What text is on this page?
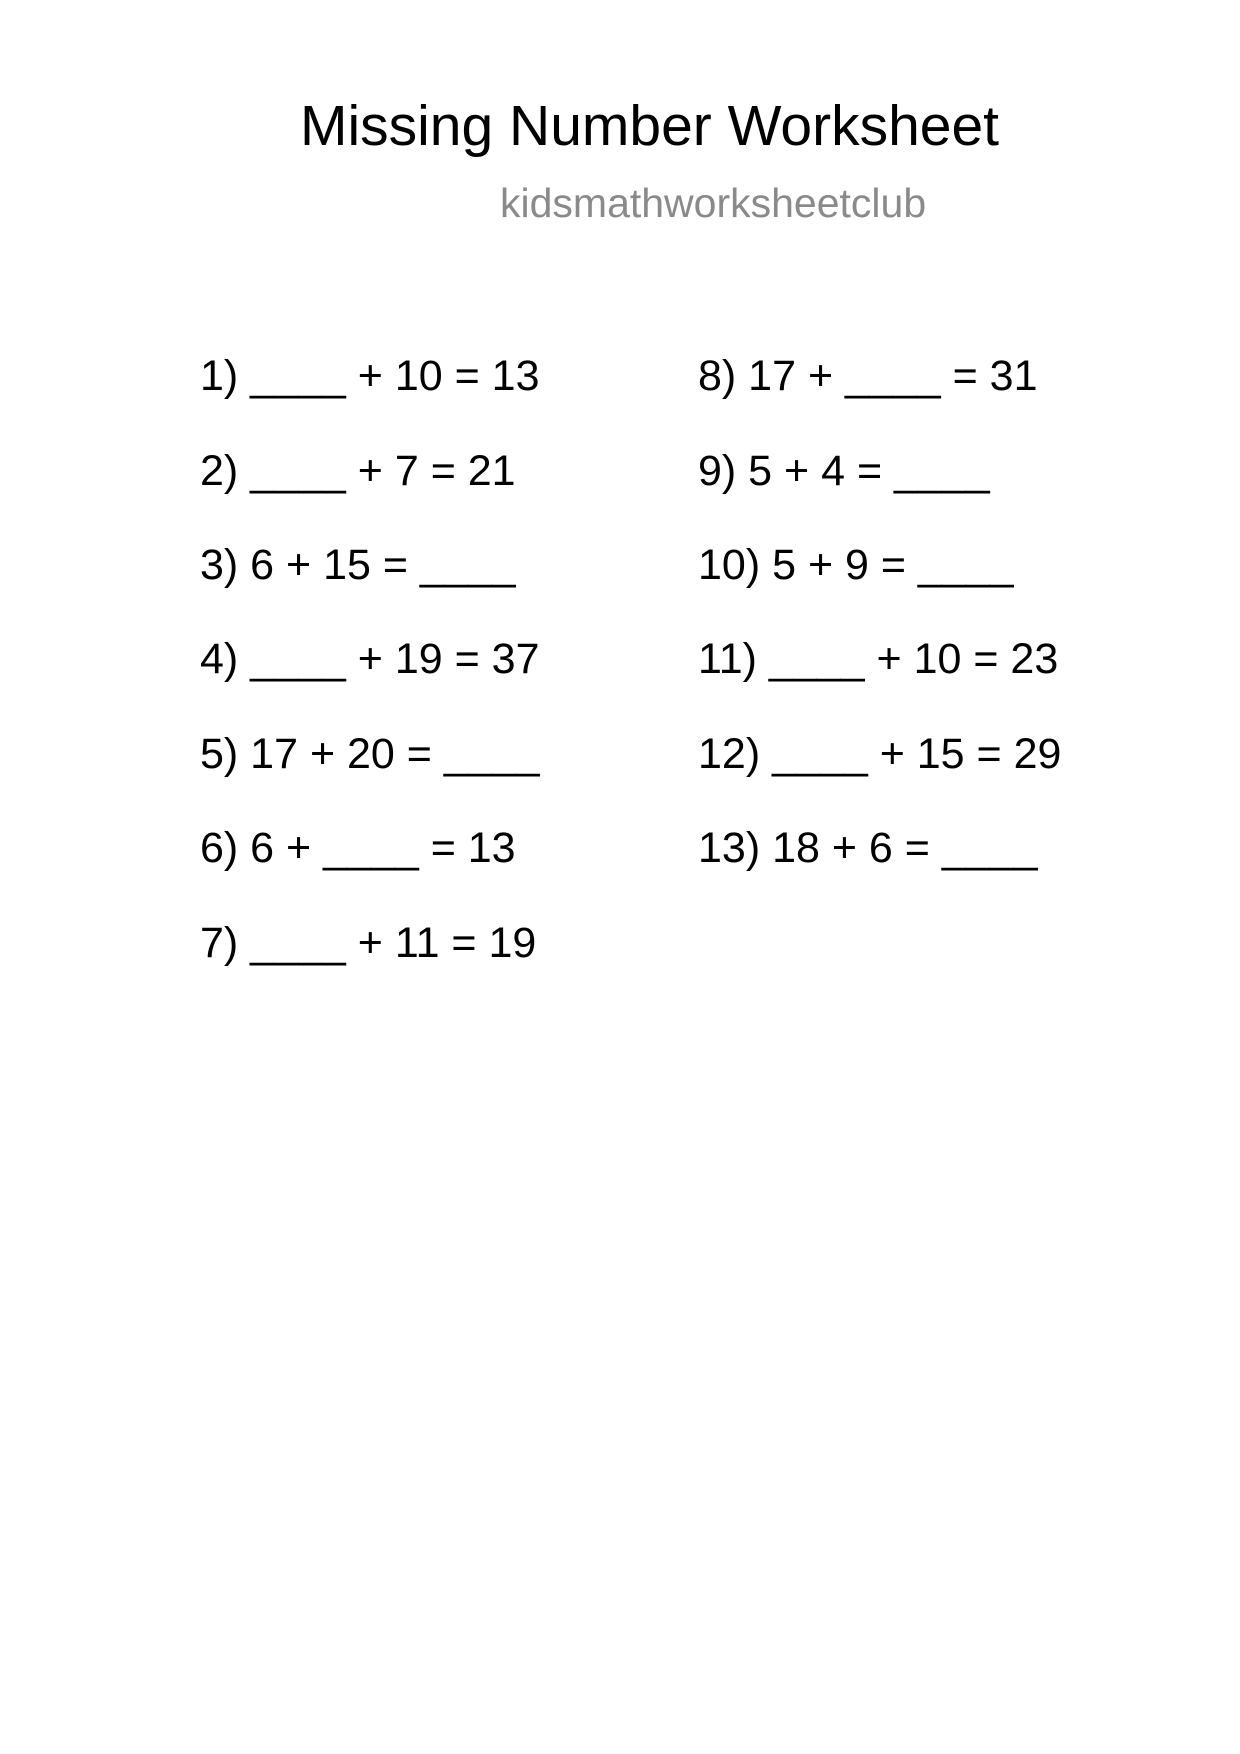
Missing Number Worksheet
kidsmathworksheetclub
1) ____ + 10 = 13
2) ____ + 7 = 21
3) 6 + 15 = ____
4) ____ + 19 = 37
5) 17 + 20 = ____
6) 6 + ____ = 13
7) ____ + 11 = 19
8) 17 + ____ = 31
9) 5 + 4 = ____
10) 5 + 9 = ____
11) ____ + 10 = 23
12) ____ + 15 = 29
13) 18 + 6 = ____
